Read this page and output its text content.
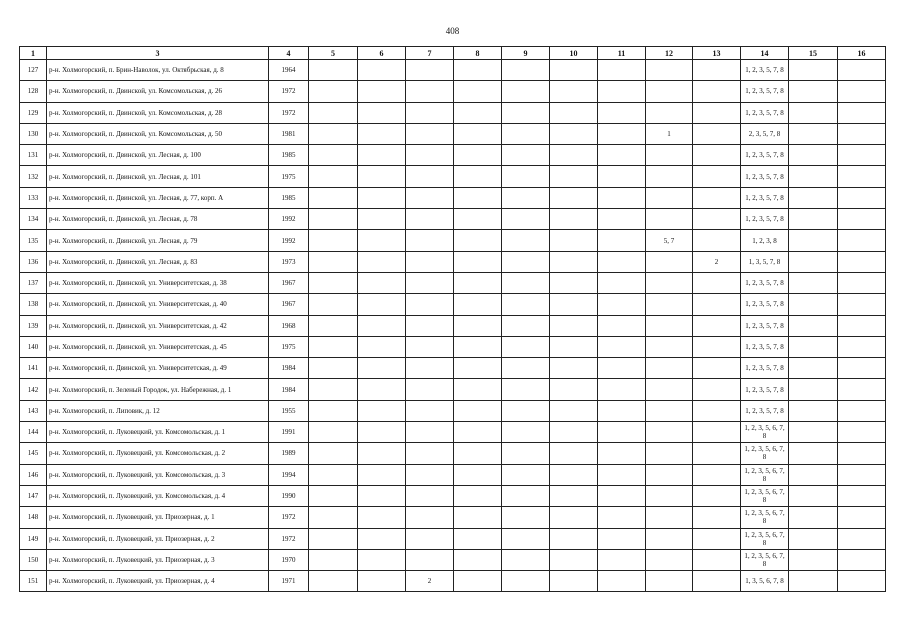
408
1	3	4	5	6	7	8	9	10	11	12	13	14	15	16
127	р-н. Холмогорский, п. Брин-Наволок, ул. Октябрьская, д. 8	1964										1, 2, 3, 5, 7, 8		
128	р-н. Холмогорский, п. Двинской, ул. Комсомольская, д. 26	1972										1, 2, 3, 5, 7, 8		
129	р-н. Холмогорский, п. Двинской, ул. Комсомольская, д. 28	1972										1, 2, 3, 5, 7, 8		
130	р-н. Холмогорский, п. Двинской, ул. Комсомольская, д. 50	1981								1		2, 3, 5, 7, 8		
131	р-н. Холмогорский, п. Двинской, ул. Лесная, д. 100	1985										1, 2, 3, 5, 7, 8		
132	р-н. Холмогорский, п. Двинской, ул. Лесная, д. 101	1975										1, 2, 3, 5, 7, 8		
133	р-н. Холмогорский, п. Двинской, ул. Лесная, д. 77, корп. А	1985										1, 2, 3, 5, 7, 8		
134	р-н. Холмогорский, п. Двинской, ул. Лесная, д. 78	1992										1, 2, 3, 5, 7, 8		
135	р-н. Холмогорский, п. Двинской, ул. Лесная, д. 79	1992								5, 7		1, 2, 3, 8		
136	р-н. Холмогорский, п. Двинской, ул. Лесная, д. 83	1973									2	1, 3, 5, 7, 8		
137	р-н. Холмогорский, п. Двинской, ул. Университетская, д. 38	1967										1, 2, 3, 5, 7, 8		
138	р-н. Холмогорский, п. Двинской, ул. Университетская, д. 40	1967										1, 2, 3, 5, 7, 8		
139	р-н. Холмогорский, п. Двинской, ул. Университетская, д. 42	1968										1, 2, 3, 5, 7, 8		
140	р-н. Холмогорский, п. Двинской, ул. Университетская, д. 45	1975										1, 2, 3, 5, 7, 8		
141	р-н. Холмогорский, п. Двинской, ул. Университетская, д. 49	1984										1, 2, 3, 5, 7, 8		
142	р-н. Холмогорский, п. Зеленый Городок, ул. Набережная, д. 1	1984										1, 2, 3, 5, 7, 8		
143	р-н. Холмогорский, п. Липовик, д. 12	1955										1, 2, 3, 5, 7, 8		
144	р-н. Холмогорский, п. Луковецкий, ул. Комсомольская, д. 1	1991										1, 2, 3, 5, 6, 7, 8		
145	р-н. Холмогорский, п. Луковецкий, ул. Комсомольская, д. 2	1989										1, 2, 3, 5, 6, 7, 8		
146	р-н. Холмогорский, п. Луковецкий, ул. Комсомольская, д. 3	1994										1, 2, 3, 5, 6, 7, 8		
147	р-н. Холмогорский, п. Луковецкий, ул. Комсомольская, д. 4	1990										1, 2, 3, 5, 6, 7, 8		
148	р-н. Холмогорский, п. Луковецкий, ул. Приозерная, д. 1	1972										1, 2, 3, 5, 6, 7, 8		
149	р-н. Холмогорский, п. Луковецкий, ул. Приозерная, д. 2	1972										1, 2, 3, 5, 6, 7, 8		
150	р-н. Холмогорский, п. Луковецкий, ул. Приозерная, д. 3	1970										1, 2, 3, 5, 6, 7, 8		
151	р-н. Холмогорский, п. Луковецкий, ул. Приозерная, д. 4	1971			2							1, 3, 5, 6, 7, 8		
